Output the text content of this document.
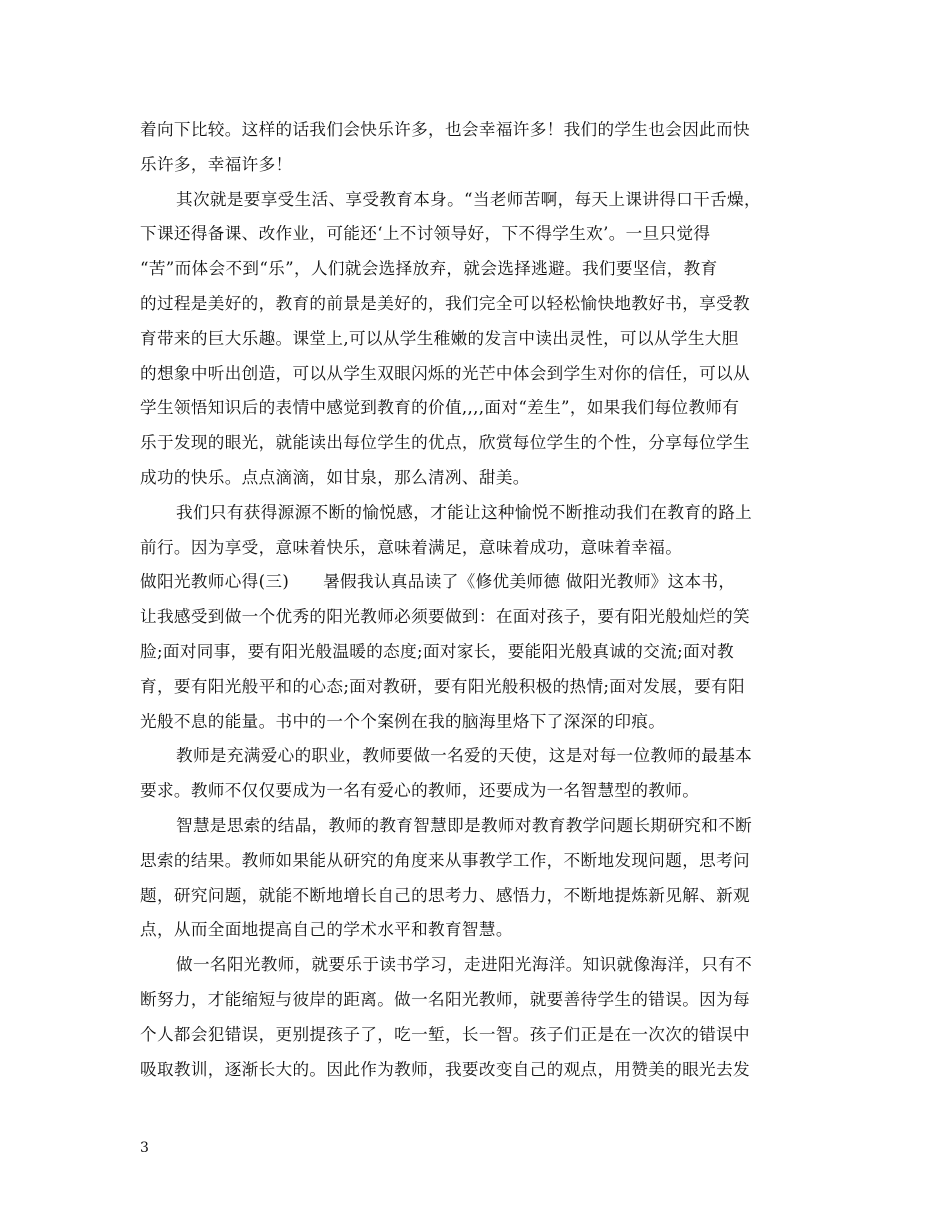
着向下比较。这样的话我们会快乐许多，也会幸福许多！我们的学生也会因此而快
乐许多，幸福许多！
其次就是要享受生活、享受教育本身。“当老师苦啊，每天上课讲得口干舌燥，
下课还得备课、改作业，可能还‘上不讨领导好，下不得学生欢’。一旦只觉得
“苦”而体会不到“乐”，人们就会选择放弃，就会选择逃避。我们要坚信，教育
的过程是美好的，教育的前景是美好的，我们完全可以轻松愉快地教好书，享受教
育带来的巨大乐趣。课堂上,可以从学生稚嫩的发言中读出灵性，可以从学生大胆
的想象中听出创造，可以从学生双眼闪烁的光芒中体会到学生对你的信任，可以从
学生领悟知识后的表情中感觉到教育的价值,,,,面对“差生”，如果我们每位教师有
乐于发现的眼光，就能读出每位学生的优点，欣赏每位学生的个性，分享每位学生
成功的快乐。点点滴滴，如甘泉，那么清冽、甜美。
我们只有获得源源不断的愉悦感，才能让这种愉悦不断推动我们在教育的路上
前行。因为享受，意味着快乐，意味着满足，意味着成功，意味着幸福。
做阳光教师心得(三)　　暑假我认真品读了《修优美师德 做阳光教师》这本书，
让我感受到做一个优秀的阳光教师必须要做到：在面对孩子，要有阳光般灿烂的笑
脸;面对同事，要有阳光般温暖的态度;面对家长，要能阳光般真诚的交流;面对教
育，要有阳光般平和的心态;面对教研，要有阳光般积极的热情;面对发展，要有阳
光般不息的能量。书中的一个个案例在我的脑海里烙下了深深的印痕。
教师是充满爱心的职业，教师要做一名爱的天使，这是对每一位教师的最基本
要求。教师不仅仅要成为一名有爱心的教师，还要成为一名智慧型的教师。
智慧是思索的结晶，教师的教育智慧即是教师对教育教学问题长期研究和不断
思索的结果。教师如果能从研究的角度来从事教学工作，不断地发现问题，思考问
题，研究问题，就能不断地增长自己的思考力、感悟力，不断地提炼新见解、新观
点，从而全面地提高自己的学术水平和教育智慧。
做一名阳光教师，就要乐于读书学习，走进阳光海洋。知识就像海洋，只有不
断努力，才能缩短与彼岸的距离。做一名阳光教师，就要善待学生的错误。因为每
个人都会犯错误，更别提孩子了，吃一堑，长一智。孩子们正是在一次次的错误中
吸取教训，逐渐长大的。因此作为教师，我要改变自己的观点，用赞美的眼光去发
3
